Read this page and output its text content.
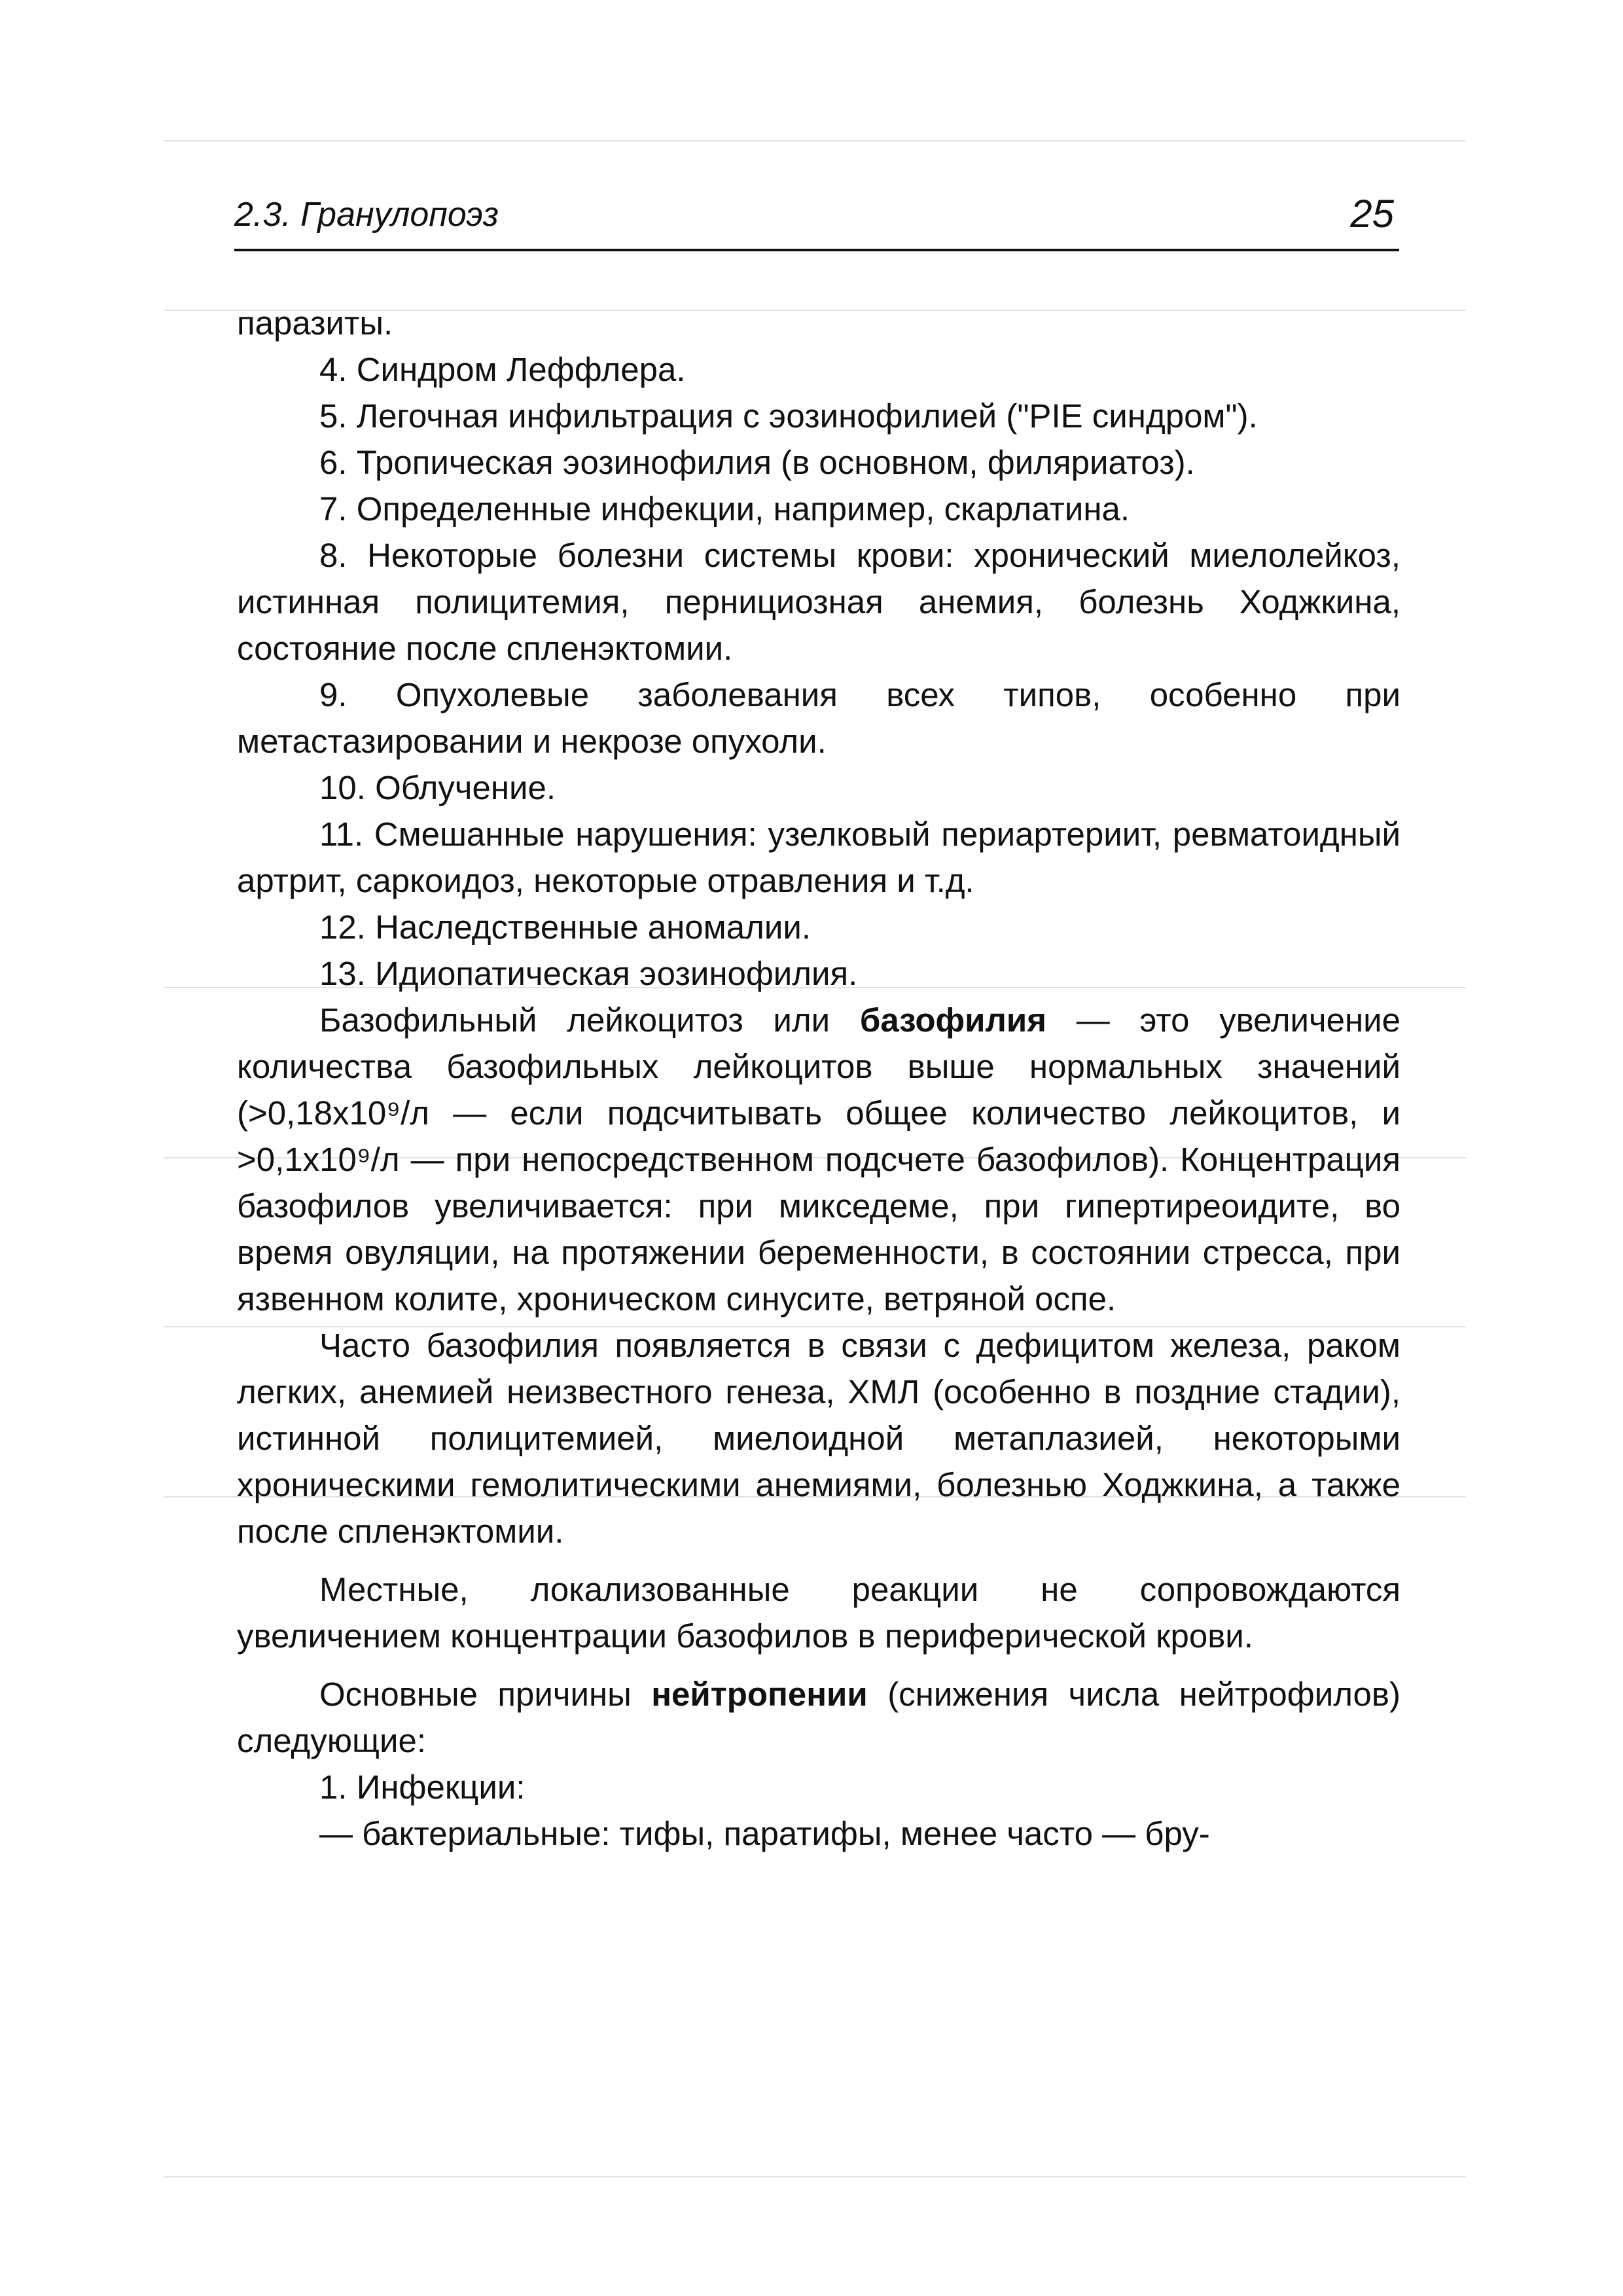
2.3. Гранулопоэз	25

паразиты.

4. Синдром Леффлера.

5. Легочная инфильтрация с эозинофилией ("PIE синдром").

6. Тропическая эозинофилия (в основном, филяриатоз).

7. Определенные инфекции, например, скарлатина.

8. Некоторые болезни системы крови: хронический миелолейкоз, истинная полицитемия, пернициозная анемия, болезнь Ходжкина, состояние после спленэктомии.

9. Опухолевые заболевания всех типов, особенно при метастазировании и некрозе опухоли.

10. Облучение.

11. Смешанные нарушения: узелковый периартериит, ревматоидный артрит, саркоидоз, некоторые отравления и т.д.

12. Наследственные аномалии.

13. Идиопатическая эозинофилия.

Базофильный лейкоцитоз или базофилия — это увеличение количества базофильных лейкоцитов выше нормальных значений (>0,18x10⁹/л — если подсчитывать общее количество лейкоцитов, и >0,1x10⁹/л — при непосредственном подсчете базофилов). Концентрация базофилов увеличивается: при микседеме, при гипертиреоидите, во время овуляции, на протяжении беременности, в состоянии стресса, при язвенном колите, хроническом синусите, ветряной оспе.

Часто базофилия появляется в связи с дефицитом железа, раком легких, анемией неизвестного генеза, ХМЛ (особенно в поздние стадии), истинной полицитемией, миелоидной метаплазией, некоторыми хроническими гемолитическими анемиями, болезнью Ходжкина, а также после спленэктомии.

Местные, локализованные реакции не сопровождаются увеличением концентрации базофилов в периферической крови.

Основные причины нейтропении (снижения числа нейтрофилов) следующие:

1. Инфекции:

— бактериальные: тифы, паратифы, менее часто — бру-
